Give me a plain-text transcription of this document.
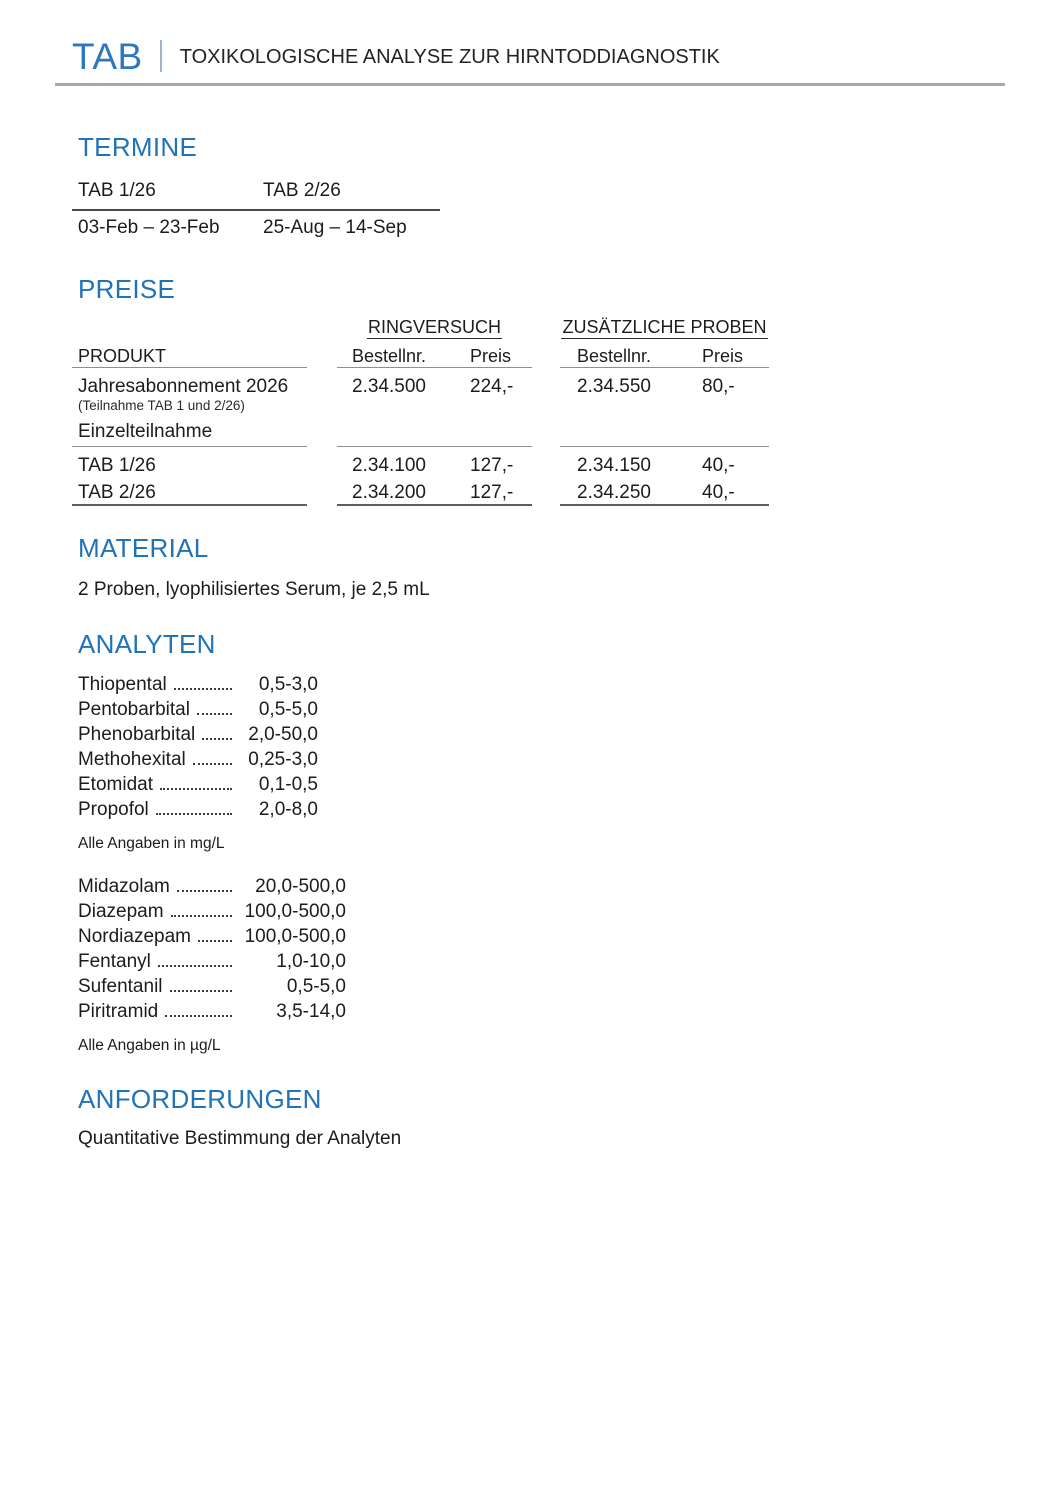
TAB TOXIKOLOGISCHE ANALYSE ZUR HIRNTODDIAGNOSTIK
TERMINE
TAB 1/26	TAB 2/26
03-Feb – 23-Feb	25-Aug – 14-Sep
PREISE
RINGVERSUCH	ZUSÄTZLICHE PROBEN
PRODUKT	Bestellnr.	Preis	Bestellnr.	Preis
Jahresabonnement 2026	2.34.500	224,-	2.34.550	80,-
(Teilnahme TAB 1 und 2/26)
Einzelteilnahme
TAB 1/26	2.34.100	127,-	2.34.150	40,-
TAB 2/26	2.34.200	127,-	2.34.250	40,-
MATERIAL
2 Proben, lyophilisiertes Serum, je 2,5 mL
ANALYTEN
Thiopental	0,5-3,0
Pentobarbital	0,5-5,0
Phenobarbital	2,0-50,0
Methohexital	0,25-3,0
Etomidat	0,1-0,5
Propofol	2,0-8,0
Alle Angaben in mg/L
Midazolam	20,0-500,0
Diazepam	100,0-500,0
Nordiazepam	100,0-500,0
Fentanyl	1,0-10,0
Sufentanil	0,5-5,0
Piritramid	3,5-14,0
Alle Angaben in µg/L
ANFORDERUNGEN
Quantitative Bestimmung der Analyten
